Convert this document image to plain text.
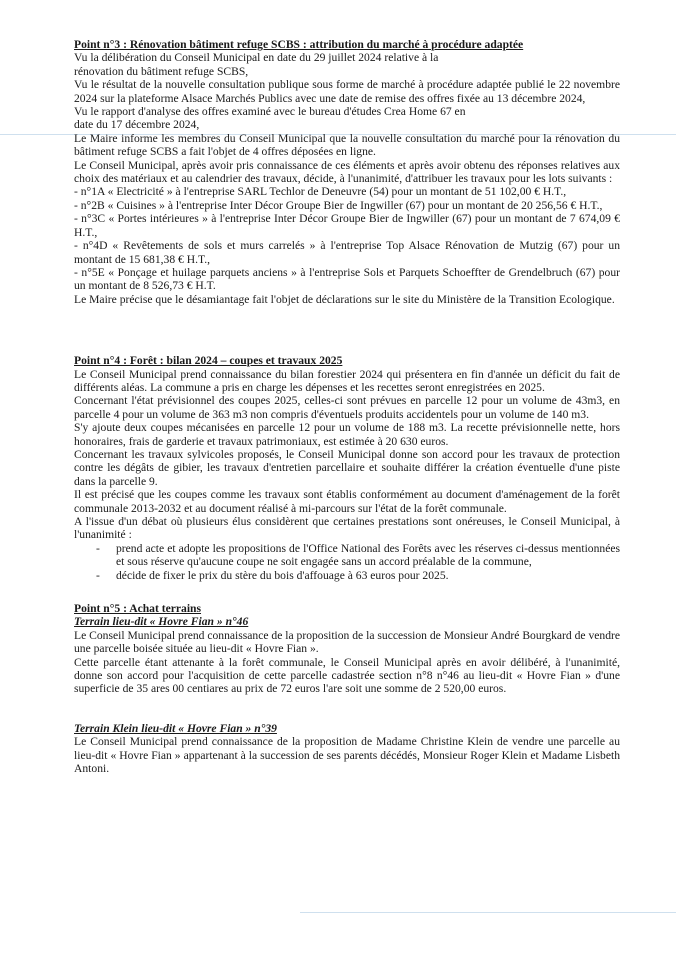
Point n°3 : Rénovation bâtiment refuge SCBS : attribution du marché à procédure adaptée

Vu la délibération du Conseil Municipal en date du 29 juillet 2024 relative à la

rénovation du bâtiment refuge SCBS,

Vu le résultat de la nouvelle consultation publique sous forme de marché à procédure adaptée publié le 22 novembre 2024 sur la plateforme Alsace Marchés Publics avec une date de remise des offres fixée au 13 décembre 2024,

Vu le rapport d'analyse des offres examiné avec le bureau d'études Crea Home 67 en

date du 17 décembre 2024,

Le Maire informe les membres du Conseil Municipal que la nouvelle consultation du marché pour la rénovation du bâtiment refuge SCBS a fait l'objet de 4 offres déposées en ligne.

Le Conseil Municipal, après avoir pris connaissance de ces éléments et après avoir obtenu des réponses relatives aux choix des matériaux et au calendrier des travaux, décide, à l'unanimité, d'attribuer les travaux pour les lots suivants :

- n°1A « Electricité » à l'entreprise SARL Techlor de Deneuvre (54) pour un montant de 51 102,00 € H.T.,

- n°2B « Cuisines » à l'entreprise Inter Décor Groupe Bier de Ingwiller (67) pour un montant de 20 256,56 € H.T.,

- n°3C « Portes intérieures » à l'entreprise Inter Décor Groupe Bier de Ingwiller (67) pour un montant de 7 674,09 € H.T.,

- n°4D « Revêtements de sols et murs carrelés » à l'entreprise Top Alsace Rénovation de Mutzig (67) pour un montant de 15 681,38 € H.T.,

- n°5E « Ponçage et huilage parquets anciens » à l'entreprise Sols et Parquets Schoeffter de Grendelbruch (67) pour un montant de 8 526,73 € H.T.

Le Maire précise que le désamiantage fait l'objet de déclarations sur le site du Ministère de la Transition Ecologique.

Point n°4 : Forêt : bilan 2024 – coupes et travaux 2025

Le Conseil Municipal prend connaissance du bilan forestier 2024 qui présentera en fin d'année un déficit du fait de différents aléas. La commune a pris en charge les dépenses et les recettes seront enregistrées en 2025.

Concernant l'état prévisionnel des coupes 2025, celles-ci sont prévues en parcelle 12 pour un volume de 43m3, en parcelle 4 pour un volume de 363 m3 non compris d'éventuels produits accidentels pour un volume de 140 m3.

S'y ajoute deux coupes mécanisées en parcelle 12 pour un volume de 188 m3. La recette prévisionnelle nette, hors honoraires, frais de garderie et travaux patrimoniaux, est estimée à 20 630 euros.

Concernant les travaux sylvicoles proposés, le Conseil Municipal donne son accord pour les travaux de protection contre les dégâts de gibier, les travaux d'entretien parcellaire et souhaite différer la création éventuelle d'une piste dans la parcelle 9.

Il est précisé que les coupes comme les travaux sont établis conformément au document d'aménagement de la forêt communale 2013-2032 et au document réalisé à mi-parcours sur l'état de la forêt communale.

A l'issue d'un débat où plusieurs élus considèrent que certaines prestations sont onéreuses, le Conseil Municipal, à l'unanimité :

- prend acte et adopte les propositions de l'Office National des Forêts avec les réserves ci-dessus mentionnées et sous réserve qu'aucune coupe ne soit engagée sans un accord préalable de la commune,
- décide de fixer le prix du stère du bois d'affouage à 63 euros pour 2025.

Point n°5 : Achat terrains

Terrain lieu-dit « Hovre Fian » n°46

Le Conseil Municipal prend connaissance de la proposition de la succession de Monsieur André Bourgkard de vendre une parcelle boisée située au lieu-dit « Hovre Fian ».

Cette parcelle étant attenante à la forêt communale, le Conseil Municipal après en avoir délibéré, à l'unanimité, donne son accord pour l'acquisition de cette parcelle cadastrée section n°8 n°46 au lieu-dit « Hovre Fian » d'une superficie de 35 ares 00 centiares au prix de 72 euros l'are soit une somme de 2 520,00 euros.

Terrain Klein lieu-dit « Hovre Fian » n°39

Le Conseil Municipal prend connaissance de la proposition de Madame Christine Klein de vendre une parcelle au lieu-dit « Hovre Fian » appartenant à la succession de ses parents décédés, Monsieur Roger Klein et Madame Lisbeth Antoni.
